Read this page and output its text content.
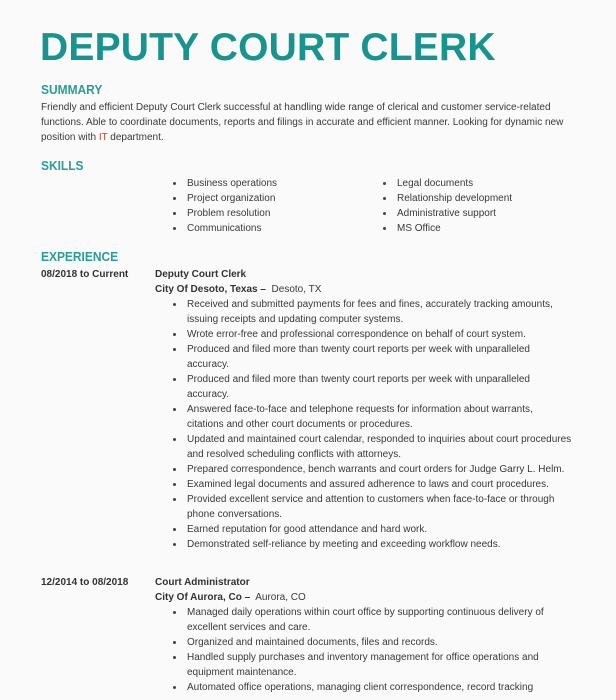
DEPUTY COURT CLERK
SUMMARY

Friendly and efficient Deputy Court Clerk successful at handling wide range of clerical and customer service-related functions. Able to coordinate documents, reports and filings in accurate and efficient manner. Looking for dynamic new position with IT department.

SKILLS
Business operations
Project organization
Problem resolution
Communications
Legal documents
Relationship development
Administrative support
MS Office
EXPERIENCE
08/2018 to Current	Deputy Court Clerk
City Of Desoto, Texas – Desoto, TX
Received and submitted payments for fees and fines, accurately tracking amounts, issuing receipts and updating computer systems.
Wrote error-free and professional correspondence on behalf of court system.
Produced and filed more than twenty court reports per week with unparalleled accuracy.
Produced and filed more than twenty court reports per week with unparalleled accuracy.
Answered face-to-face and telephone requests for information about warrants, citations and other court documents or procedures.
Updated and maintained court calendar, responded to inquiries about court procedures and resolved scheduling conflicts with attorneys.
Prepared correspondence, bench warrants and court orders for Judge Garry L. Helm.
Examined legal documents and assured adherence to laws and court procedures.
Provided excellent service and attention to customers when face-to-face or through phone conversations.
Earned reputation for good attendance and hard work.
Demonstrated self-reliance by meeting and exceeding workflow needs.
12/2014 to 08/2018	Court Administrator
City Of Aurora, Co – Aurora, CO
Managed daily operations within court office by supporting continuous delivery of excellent services and care.
Organized and maintained documents, files and records.
Handled supply purchases and inventory management for office operations and equipment maintenance.
Automated office operations, managing client correspondence, record tracking
